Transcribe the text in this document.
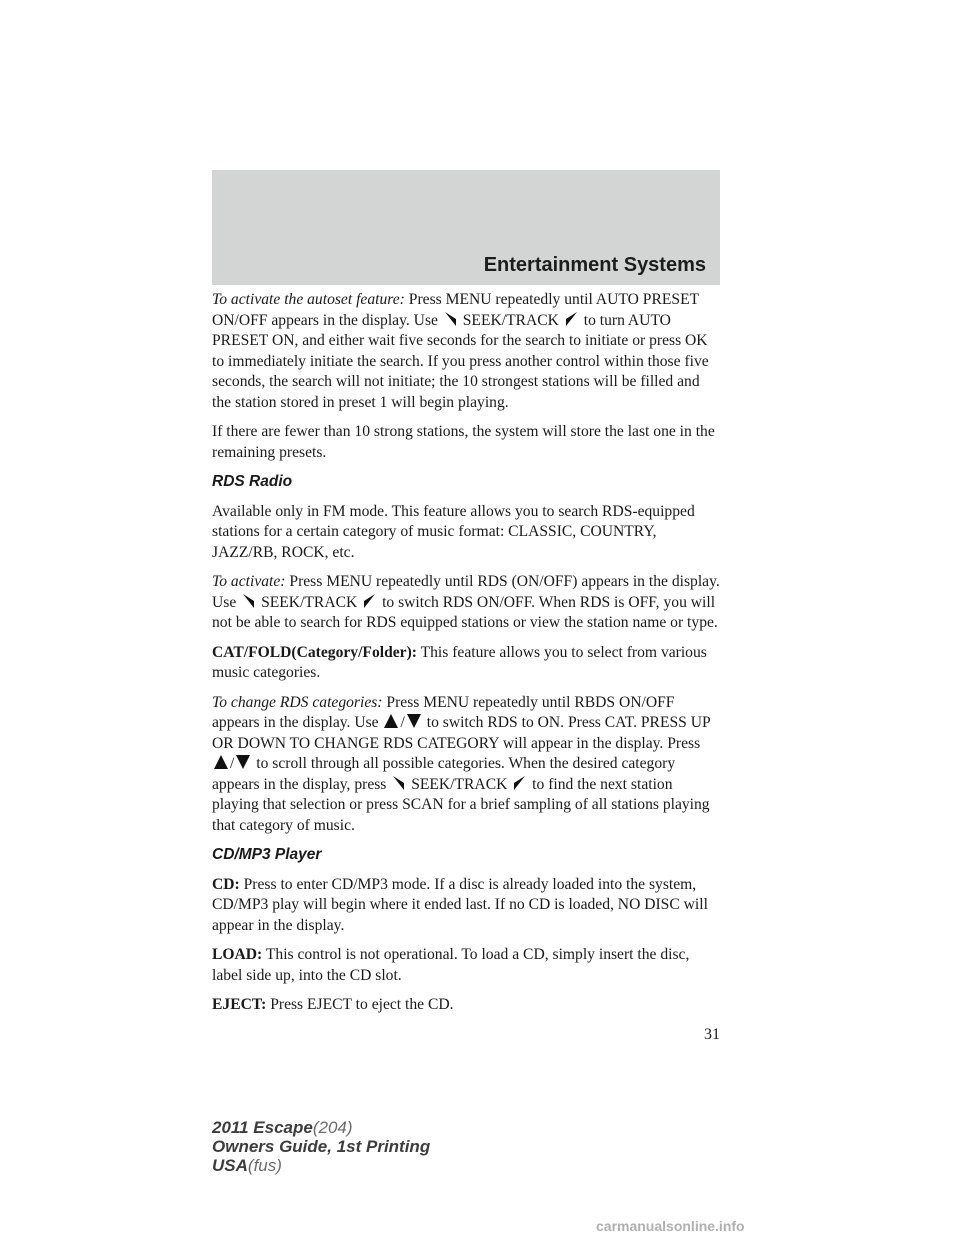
Entertainment Systems

To activate the autoset feature: Press MENU repeatedly until AUTO PRESET ON/OFF appears in the display. Use SEEK/TRACK to turn AUTO PRESET ON, and either wait five seconds for the search to initiate or press OK to immediately initiate the search. If you press another control within those five seconds, the search will not initiate; the 10 strongest stations will be filled and the station stored in preset 1 will begin playing.

If there are fewer than 10 strong stations, the system will store the last one in the remaining presets.

RDS Radio

Available only in FM mode. This feature allows you to search RDS-equipped stations for a certain category of music format: CLASSIC, COUNTRY, JAZZ/RB, ROCK, etc.

To activate: Press MENU repeatedly until RDS (ON/OFF) appears in the display. Use SEEK/TRACK to switch RDS ON/OFF. When RDS is OFF, you will not be able to search for RDS equipped stations or view the station name or type.

CAT/FOLD(Category/Folder): This feature allows you to select from various music categories.

To change RDS categories: Press MENU repeatedly until RBDS ON/OFF appears in the display. Use / to switch RDS to ON. Press CAT. PRESS UP OR DOWN TO CHANGE RDS CATEGORY will appear in the display. Press / to scroll through all possible categories. When the desired category appears in the display, press SEEK/TRACK to find the next station playing that selection or press SCAN for a brief sampling of all stations playing that category of music.

CD/MP3 Player

CD: Press to enter CD/MP3 mode. If a disc is already loaded into the system, CD/MP3 play will begin where it ended last. If no CD is loaded, NO DISC will appear in the display.

LOAD: This control is not operational. To load a CD, simply insert the disc, label side up, into the CD slot.

EJECT: Press EJECT to eject the CD.

31
2011 Escape(204)
Owners Guide, 1st Printing
USA(fus)
carmanualsonline.info
